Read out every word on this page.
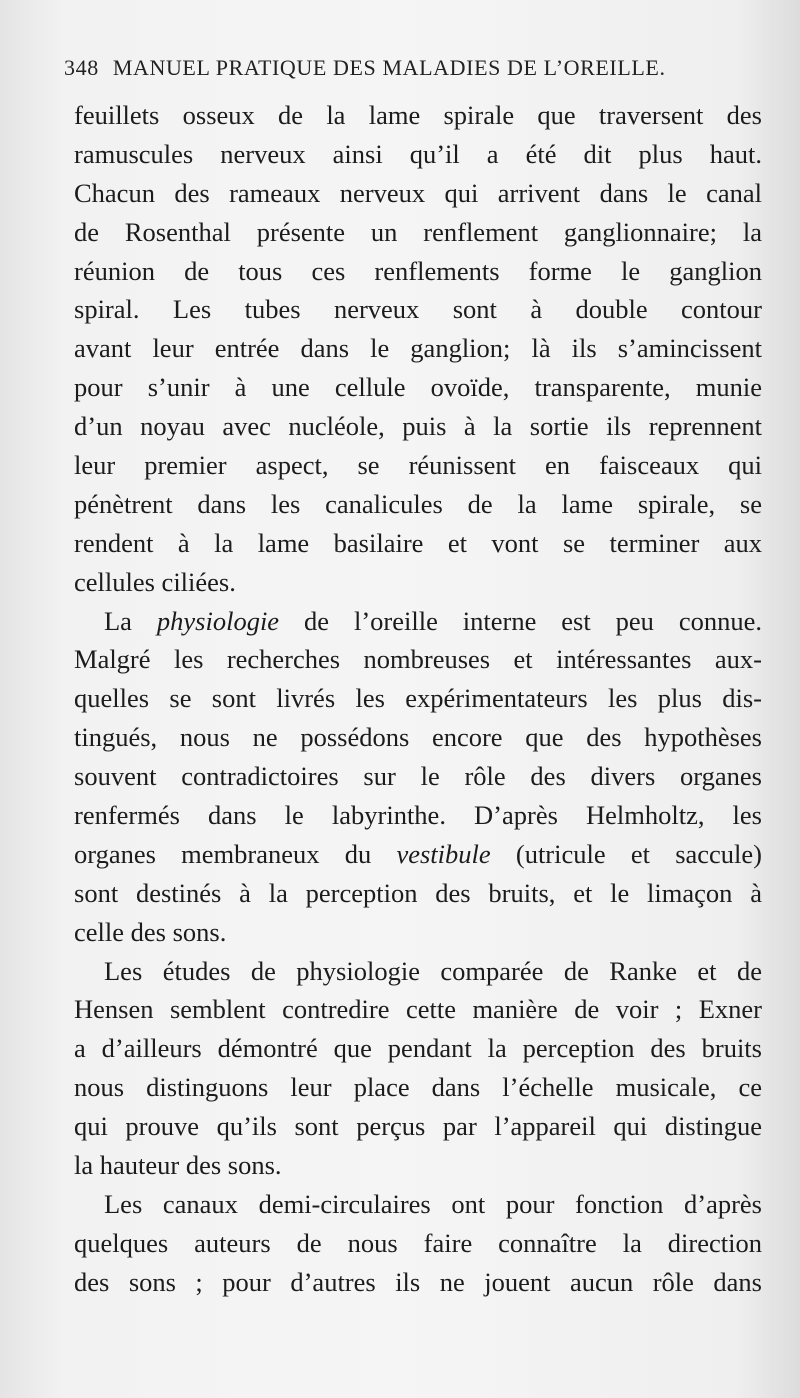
348 MANUEL PRATIQUE DES MALADIES DE L’OREILLE.
feuillets osseux de la lame spirale que traversent des
ramuscules nerveux ainsi qu’il a été dit plus haut.
Chacun des rameaux nerveux qui arrivent dans le canal
de Rosenthal présente un renflement ganglionnaire; la
réunion de tous ces renflements forme le ganglion
spiral. Les tubes nerveux sont à double contour
avant leur entrée dans le ganglion; là ils s’amincissent
pour s’unir à une cellule ovoïde, transparente, munie
d’un noyau avec nucléole, puis à la sortie ils reprennent
leur premier aspect, se réunissent en faisceaux qui
pénètrent dans les canalicules de la lame spirale, se
rendent à la lame basilaire et vont se terminer aux
cellules ciliées.
La physiologie de l’oreille interne est peu connue.
Malgré les recherches nombreuses et intéressantes aux-
quelles se sont livrés les expérimentateurs les plus dis-
tingués, nous ne possédons encore que des hypothèses
souvent contradictoires sur le rôle des divers organes
renfermés dans le labyrinthe. D’après Helmholtz, les
organes membraneux du vestibule (utricule et saccule)
sont destinés à la perception des bruits, et le limaçon à
celle des sons.
Les études de physiologie comparée de Ranke et de
Hensen semblent contredire cette manière de voir ; Exner
a d’ailleurs démontré que pendant la perception des bruits
nous distinguons leur place dans l’échelle musicale, ce
qui prouve qu’ils sont perçus par l’appareil qui distingue
la hauteur des sons.
Les canaux demi-circulaires ont pour fonction d’après
quelques auteurs de nous faire connaître la direction
des sons ; pour d’autres ils ne jouent aucun rôle dans
